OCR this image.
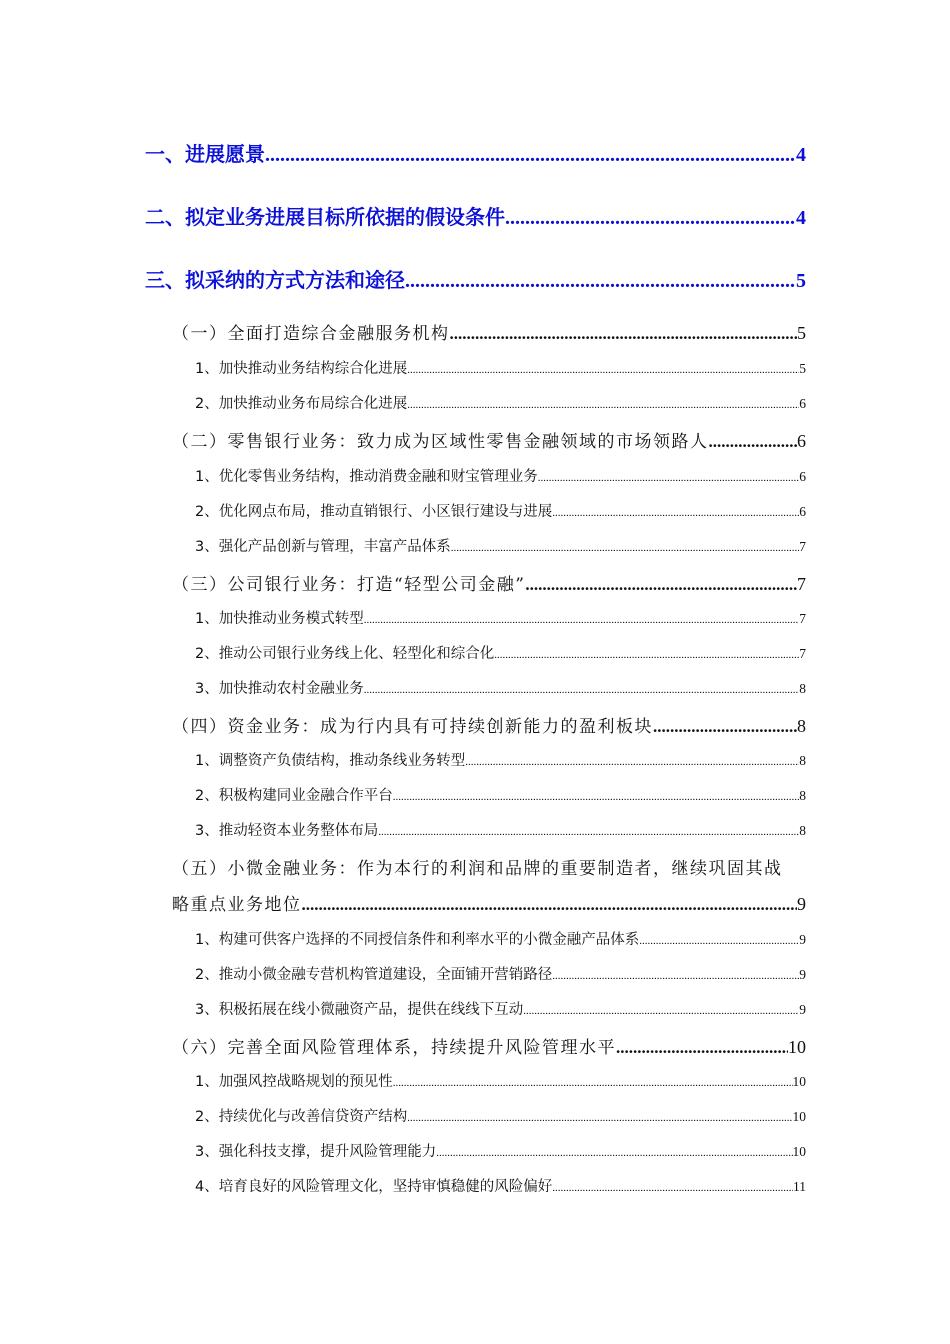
一、进展愿景 .....	4
二、拟定业务进展目标所依据的假设条件 .....	4
三、拟采纳的方式方法和途径 .....	5
（一）全面打造综合金融服务机构 .....	5
1、加快推动业务结构综合化进展 .....	5
2、加快推动业务布局综合化进展 .....	6
（二）零售银行业务：致力成为区域性零售金融领域的市场领路人 .....	6
1、优化零售业务结构，推动消费金融和财宝管理业务 .....	6
2、优化网点布局，推动直销银行、小区银行建设与进展 .....	6
3、强化产品创新与管理，丰富产品体系 .....	7
（三）公司银行业务：打造“轻型公司金融” .....	7
1、加快推动业务模式转型 .....	7
2、推动公司银行业务线上化、轻型化和综合化 .....	7
3、加快推动农村金融业务 .....	8
（四）资金业务：成为行内具有可持续创新能力的盈利板块 .....	8
1、调整资产负债结构，推动条线业务转型 .....	8
2、积极构建同业金融合作平台 .....	8
3、推动轻资本业务整体布局 .....	8
（五）小微金融业务：作为本行的利润和品牌的重要制造者，继续巩固其战
略重点业务地位 .....	9
1、构建可供客户选择的不同授信条件和利率水平的小微金融产品体系 .....	9
2、推动小微金融专营机构管道建设，全面铺开营销路径 .....	9
3、积极拓展在线小微融资产品，提供在线线下互动 .....	9
（六）完善全面风险管理体系，持续提升风险管理水平 .....	10
1、加强风控战略规划的预见性 .....	10
2、持续优化与改善信贷资产结构 .....	10
3、强化科技支撑，提升风险管理能力 .....	10
4、培育良好的风险管理文化，坚持审慎稳健的风险偏好 .....	11
